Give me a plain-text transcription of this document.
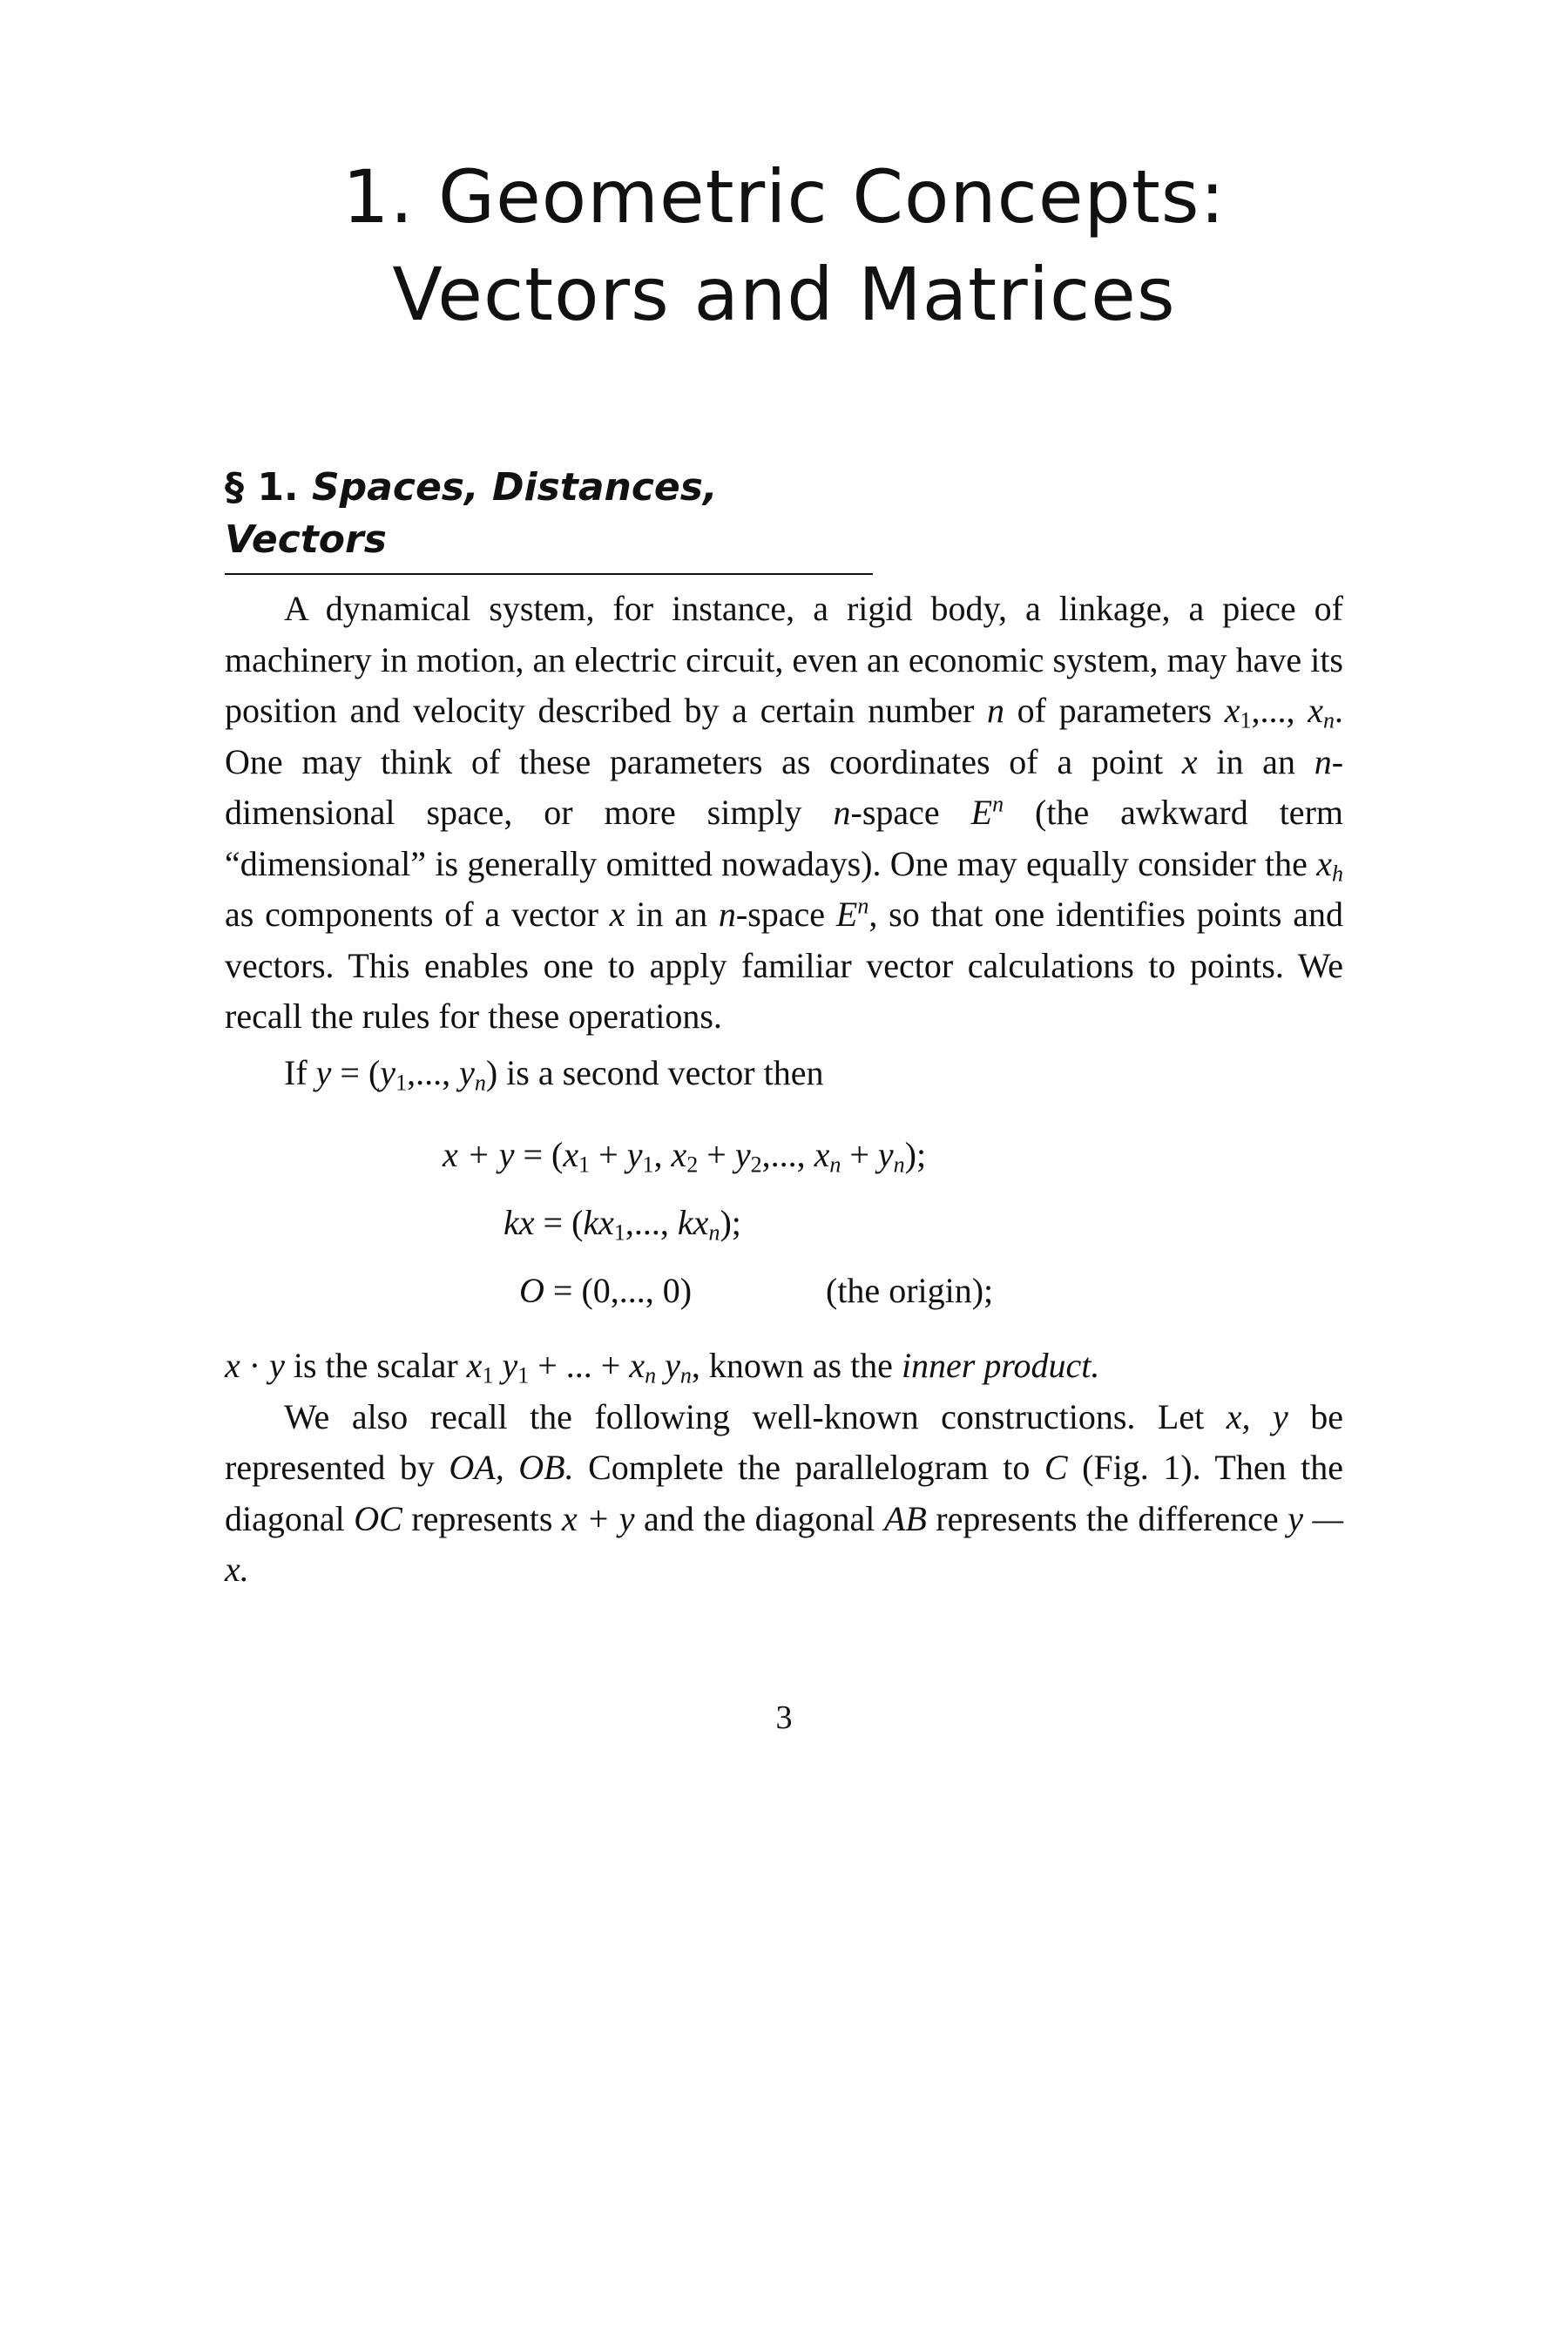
1. Geometric Concepts:
Vectors and Matrices
§ 1. Spaces, Distances, Vectors

A dynamical system, for instance, a rigid body, a linkage, a piece of machinery in motion, an electric circuit, even an economic system, may have its position and velocity described by a certain number n of parameters $x_1$,..., $x_n$. One may think of these parameters as coordinates of a point x in an n-dimensional space, or more simply n-space $E^n$ (the awkward term “dimensional” is generally omitted nowadays). One may equally consider the $x_h$ as components of a vector x in an n-space $E^n$, so that one identifies points and vectors. This enables one to apply familiar vector calculations to points. We recall the rules for these operations.

If $y = (y_1$,..., $y_n$) is a second vector then

$x + y = (x_1 + y_1$, $x_2 + y_2$,..., $x_n + y_n$);
kx = ($kx_1$,..., $kx_n$);
O = (0,..., 0)	(the origin);

x · y is the scalar $x_1$ $y_1$ + ... + $x_n$ $y_n$, known as the inner product.

We also recall the following well-known constructions. Let x, y be represented by OA, OB. Complete the parallelogram to C (Fig. 1). Then the diagonal OC represents x + y and the diagonal AB represents the difference y — x.

3
